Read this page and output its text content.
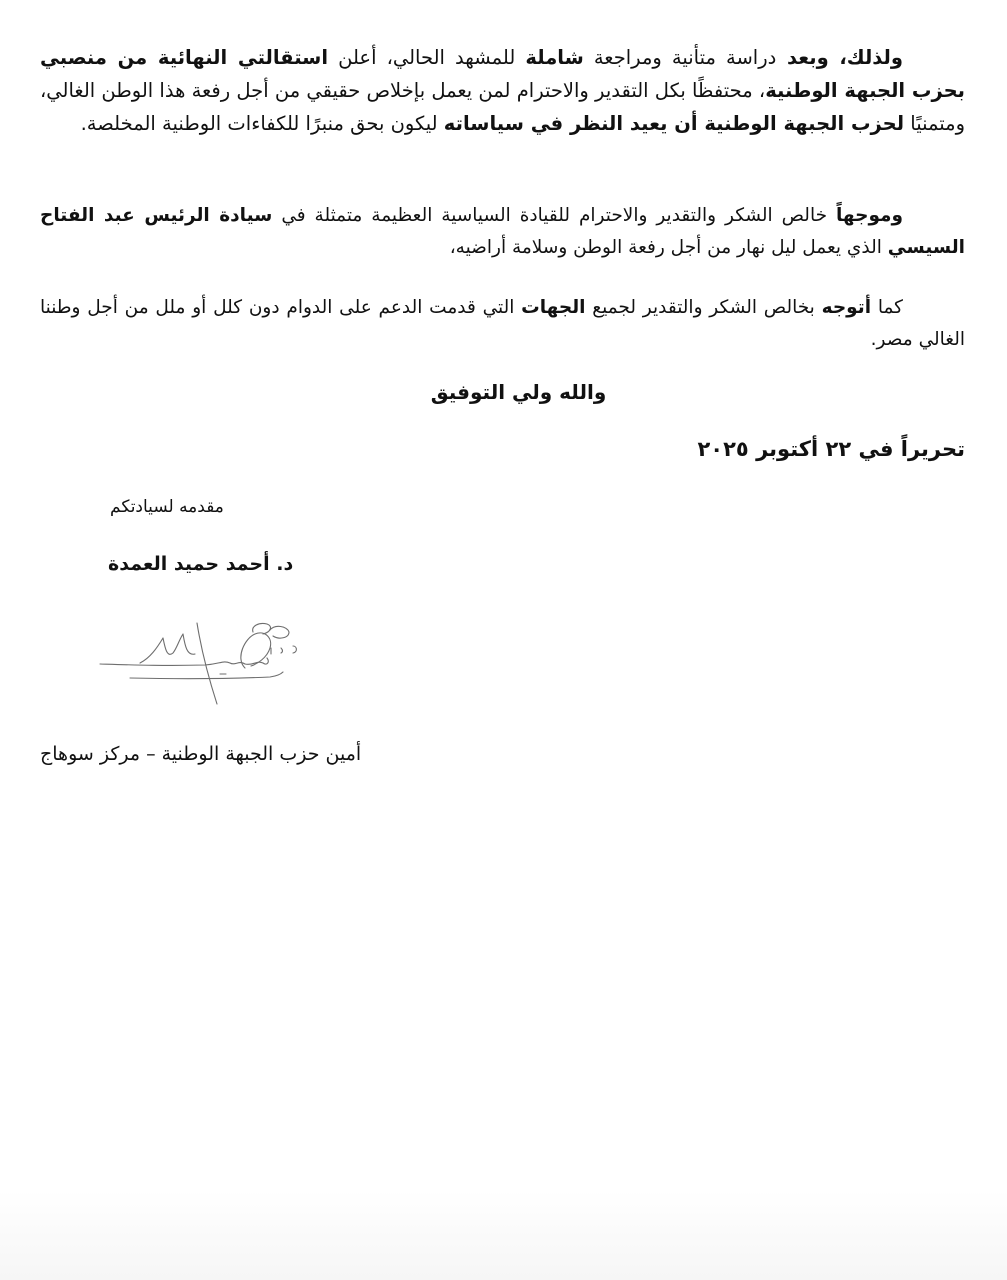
ولذلك، وبعد دراسة متأنية ومراجعة شاملة للمشهد الحالي، أعلن استقالتي النهائية من منصبي بحزب الجبهة الوطنية، محتفظًا بكل التقدير والاحترام لمن يعمل بإخلاص حقيقي من أجل رفعة هذا الوطن الغالي، ومتمنيًا لحزب الجبهة الوطنية أن يعيد النظر في سياساته ليكون بحق منبرًا للكفاءات الوطنية المخلصة.

وموجهاً خالص الشكر والتقدير والاحترام للقيادة السياسية العظيمة متمثلة في سيادة الرئيس عبد الفتاح السيسي الذي يعمل ليل نهار من أجل رفعة الوطن وسلامة أراضيه،

كما أتوجه بخالص الشكر والتقدير لجميع الجهات التي قدمت الدعم على الدوام دون كلل أو ملل من أجل وطننا الغالي مصر.

والله ولي التوفيق
تحريراً في ٢٢ أكتوبر ٢٠٢٥
مقدمه لسيادتكم
د. أحمد حميد العمدة
أمين حزب الجبهة الوطنية – مركز سوهاج
